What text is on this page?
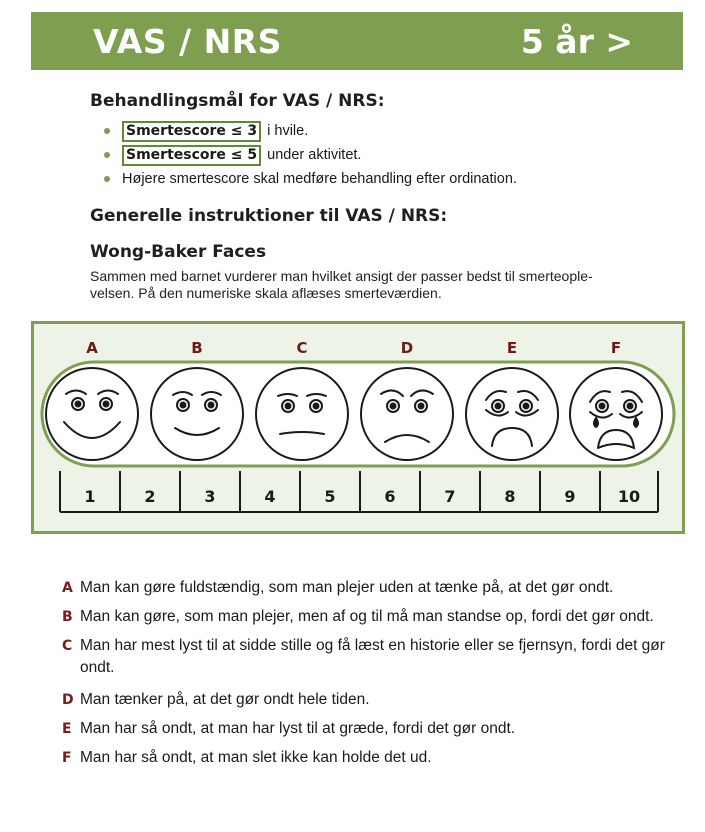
VAS / NRS	5 år >
Behandlingsmål for VAS / NRS:
Smertescore ≤ 3 i hvile.
Smertescore ≤ 5 under aktivitet.
Højere smertescore skal medføre behandling efter ordination.
Generelle instruktioner til VAS / NRS:
Wong-Baker Faces
Sammen med barnet vurderer man hvilket ansigt der passer bedst til smerteople-
velsen. På den numeriske skala aflæses smerteværdien.
A	B	C	D	E	F
1	2	3	4	5	6	7	8	9	10
A Man kan gøre fuldstændig, som man plejer uden at tænke på, at det gør ondt.
B Man kan gøre, som man plejer, men af og til må man standse op, fordi det gør ondt.
C Man har mest lyst til at sidde stille og få læst en historie eller se fjernsyn, fordi det gør ondt.
D Man tænker på, at det gør ondt hele tiden.
E Man har så ondt, at man har lyst til at græde, fordi det gør ondt.
F Man har så ondt, at man slet ikke kan holde det ud.
